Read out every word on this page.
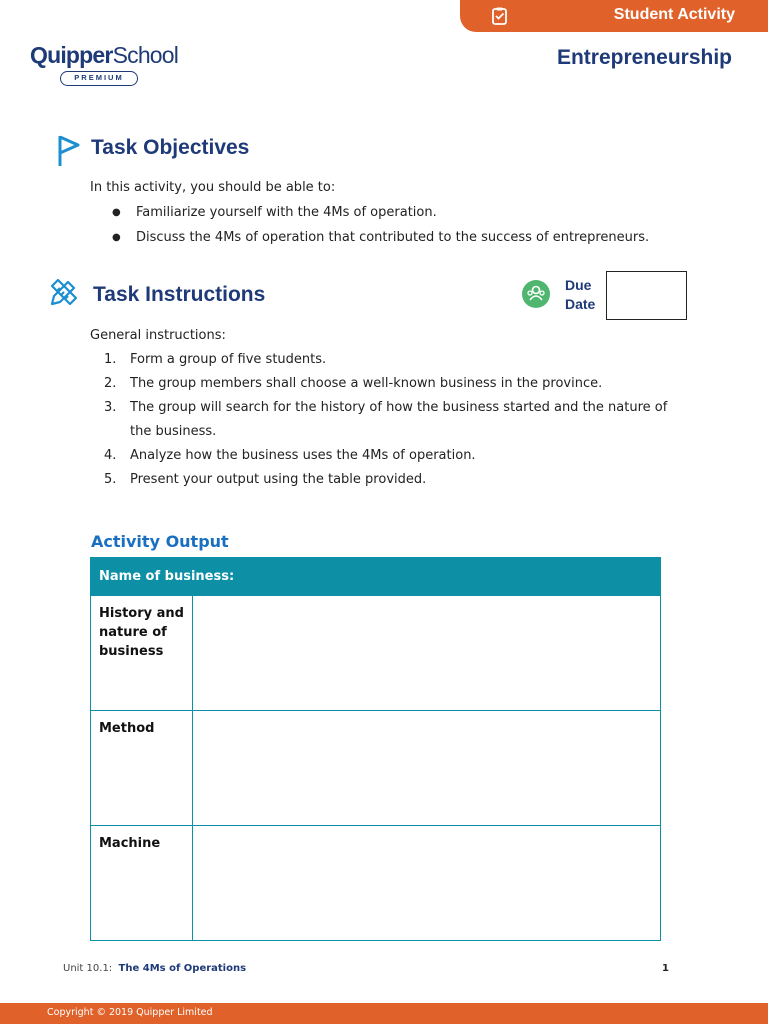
Student Activity
QuipperSchool
PREMIUM
Entrepreneurship
Task Objectives
In this activity, you should be able to:
● Familiarize yourself with the 4Ms of operation.
● Discuss the 4Ms of operation that contributed to the success of entrepreneurs.
Task Instructions	Due Date
General instructions:
1. Form a group of five students.
2. The group members shall choose a well-known business in the province.
3. The group will search for the history of how the business started and the nature of the business.
4. Analyze how the business uses the 4Ms of operation.
5. Present your output using the table provided.
Activity Output
Name of business:	
History and nature of business	
Method	
Machine	
Unit 10.1: The 4Ms of Operations	1
Copyright © 2019 Quipper Limited
